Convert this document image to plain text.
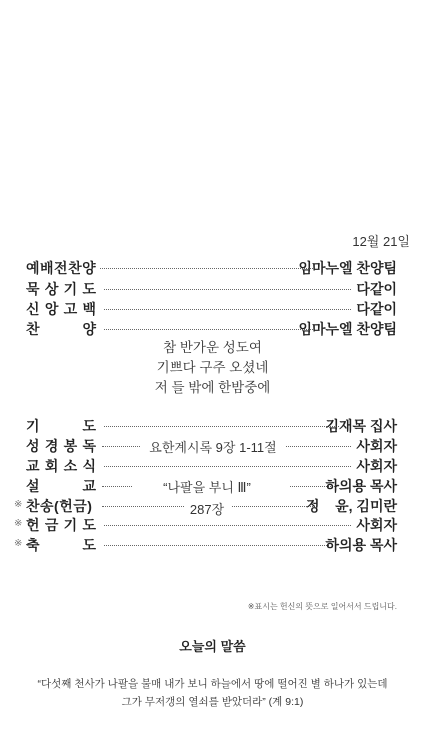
12월 21일
예배전찬양	임마누엘 찬양팀
묵 상 기 도	다같이
신 앙 고 백	다같이
찬	양	임마누엘 찬양팀
참 반가운 성도여
기쁘다 구주 오셨네
저 들 밖에 한밤중에
기	도	김재목 집사
성 경 봉 독	요한계시록 9장 1-11절	사회자
교 회 소 식	사회자
설	교	“나팔을 부니 Ⅲ”	하의용 목사
※ 찬송(헌금)	287장	정    윤, 김미란
※ 헌 금 기 도	사회자
※ 축	도	하의용 목사
※표시는 헌신의 뜻으로 일어서서 드립니다.
오늘의 말씀
“다섯째 천사가 나팔을 불매 내가 보니 하늘에서 땅에 떨어진 별 하나가 있는데
그가 무저갱의 열쇠를 받았더라” (계 9:1)
